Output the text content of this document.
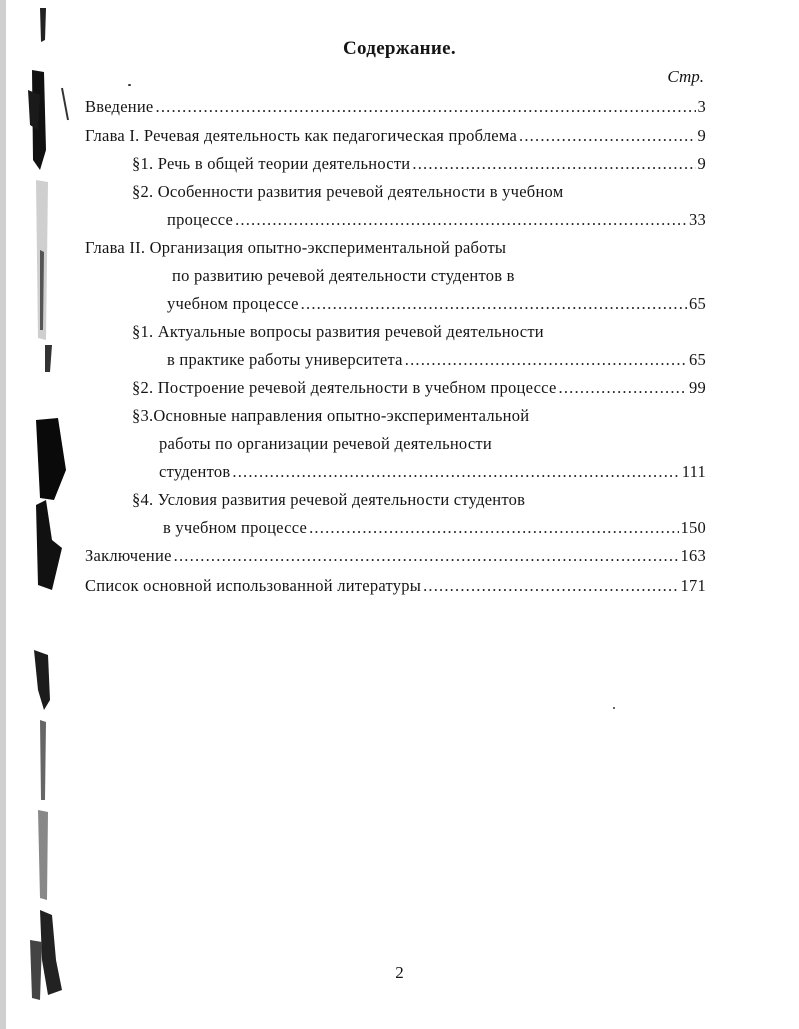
Содержание.
Стр.
Введение .....	3
Глава I. Речевая деятельность как педагогическая проблема .....	9
§1. Речь в общей теории деятельности .....	9
§2. Особенности развития речевой деятельности в учебном
процессе .....	33
Глава II. Организация опытно-экспериментальной работы
по развитию речевой деятельности студентов в
учебном процессе .....	65
§1. Актуальные вопросы развития речевой деятельности
в практике работы университета .....	65
§2. Построение речевой деятельности в учебном процессе .....	99
§3.Основные направления опытно-экспериментальной
работы по организации речевой деятельности
студентов .....	111
§4. Условия развития речевой деятельности студентов
в учебном процессе .....	150
Заключение .....	163
Список основной использованной литературы .....	171
2
